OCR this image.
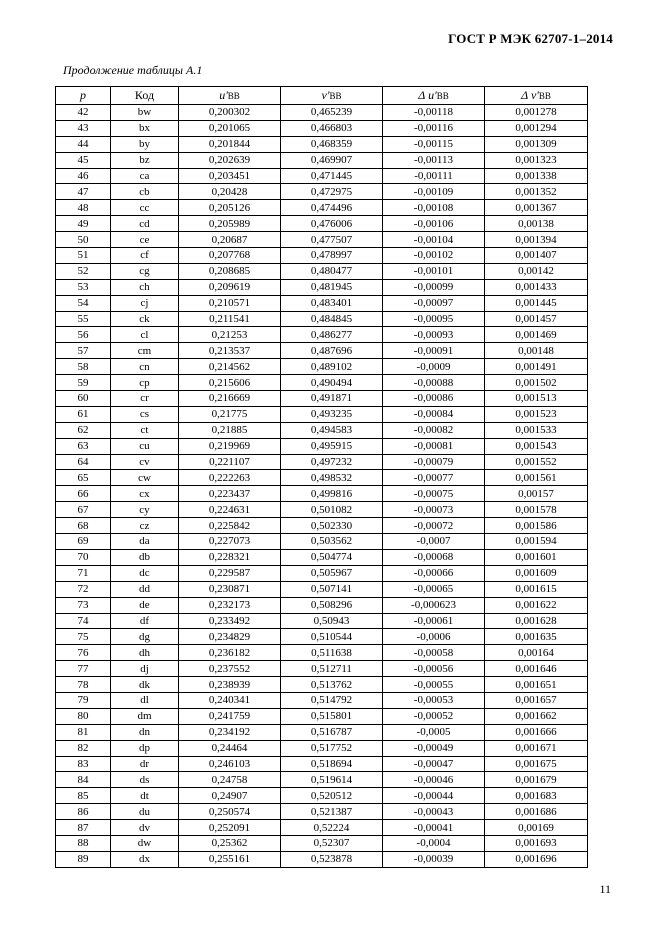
ГОСТ Р МЭК 62707-1–2014
Продолжение таблицы А.1
p	Код	u'BB	v'BB	Δ u'BB	Δ v'BB
42	bw	0,200302	0,465239	-0,00118	0,001278
43	bx	0,201065	0,466803	-0,00116	0,001294
44	by	0,201844	0,468359	-0,00115	0,001309
45	bz	0,202639	0,469907	-0,00113	0,001323
46	ca	0,203451	0,471445	-0,00111	0,001338
47	cb	0,20428	0,472975	-0,00109	0,001352
48	cc	0,205126	0,474496	-0,00108	0,001367
49	cd	0,205989	0,476006	-0,00106	0,00138
50	ce	0,20687	0,477507	-0,00104	0,001394
51	cf	0,207768	0,478997	-0,00102	0,001407
52	cg	0,208685	0,480477	-0,00101	0,00142
53	ch	0,209619	0,481945	-0,00099	0,001433
54	cj	0,210571	0,483401	-0,00097	0,001445
55	ck	0,211541	0,484845	-0,00095	0,001457
56	cl	0,21253	0,486277	-0,00093	0,001469
57	cm	0,213537	0,487696	-0,00091	0,00148
58	cn	0,214562	0,489102	-0,0009	0,001491
59	cp	0,215606	0,490494	-0,00088	0,001502
60	cr	0,216669	0,491871	-0,00086	0,001513
61	cs	0,21775	0,493235	-0,00084	0,001523
62	ct	0,21885	0,494583	-0,00082	0,001533
63	cu	0,219969	0,495915	-0,00081	0,001543
64	cv	0,221107	0,497232	-0,00079	0,001552
65	cw	0,222263	0,498532	-0,00077	0,001561
66	cx	0,223437	0,499816	-0,00075	0,00157
67	cy	0,224631	0,501082	-0,00073	0,001578
68	cz	0,225842	0,502330	-0,00072	0,001586
69	da	0,227073	0,503562	-0,0007	0,001594
70	db	0,228321	0,504774	-0,00068	0,001601
71	dc	0,229587	0,505967	-0,00066	0,001609
72	dd	0,230871	0,507141	-0,00065	0,001615
73	de	0,232173	0,508296	-0,000623	0,001622
74	df	0,233492	0,50943	-0,00061	0,001628
75	dg	0,234829	0,510544	-0,0006	0,001635
76	dh	0,236182	0,511638	-0,00058	0,00164
77	dj	0,237552	0,512711	-0,00056	0,001646
78	dk	0,238939	0,513762	-0,00055	0,001651
79	dl	0,240341	0,514792	-0,00053	0,001657
80	dm	0,241759	0,515801	-0,00052	0,001662
81	dn	0,234192	0,516787	-0,0005	0,001666
82	dp	0,24464	0,517752	-0,00049	0,001671
83	dr	0,246103	0,518694	-0,00047	0,001675
84	ds	0,24758	0,519614	-0,00046	0,001679
85	dt	0,24907	0,520512	-0,00044	0,001683
86	du	0,250574	0,521387	-0,00043	0,001686
87	dv	0,252091	0,52224	-0,00041	0,00169
88	dw	0,25362	0,52307	-0,0004	0,001693
89	dx	0,255161	0,523878	-0,00039	0,001696
11
